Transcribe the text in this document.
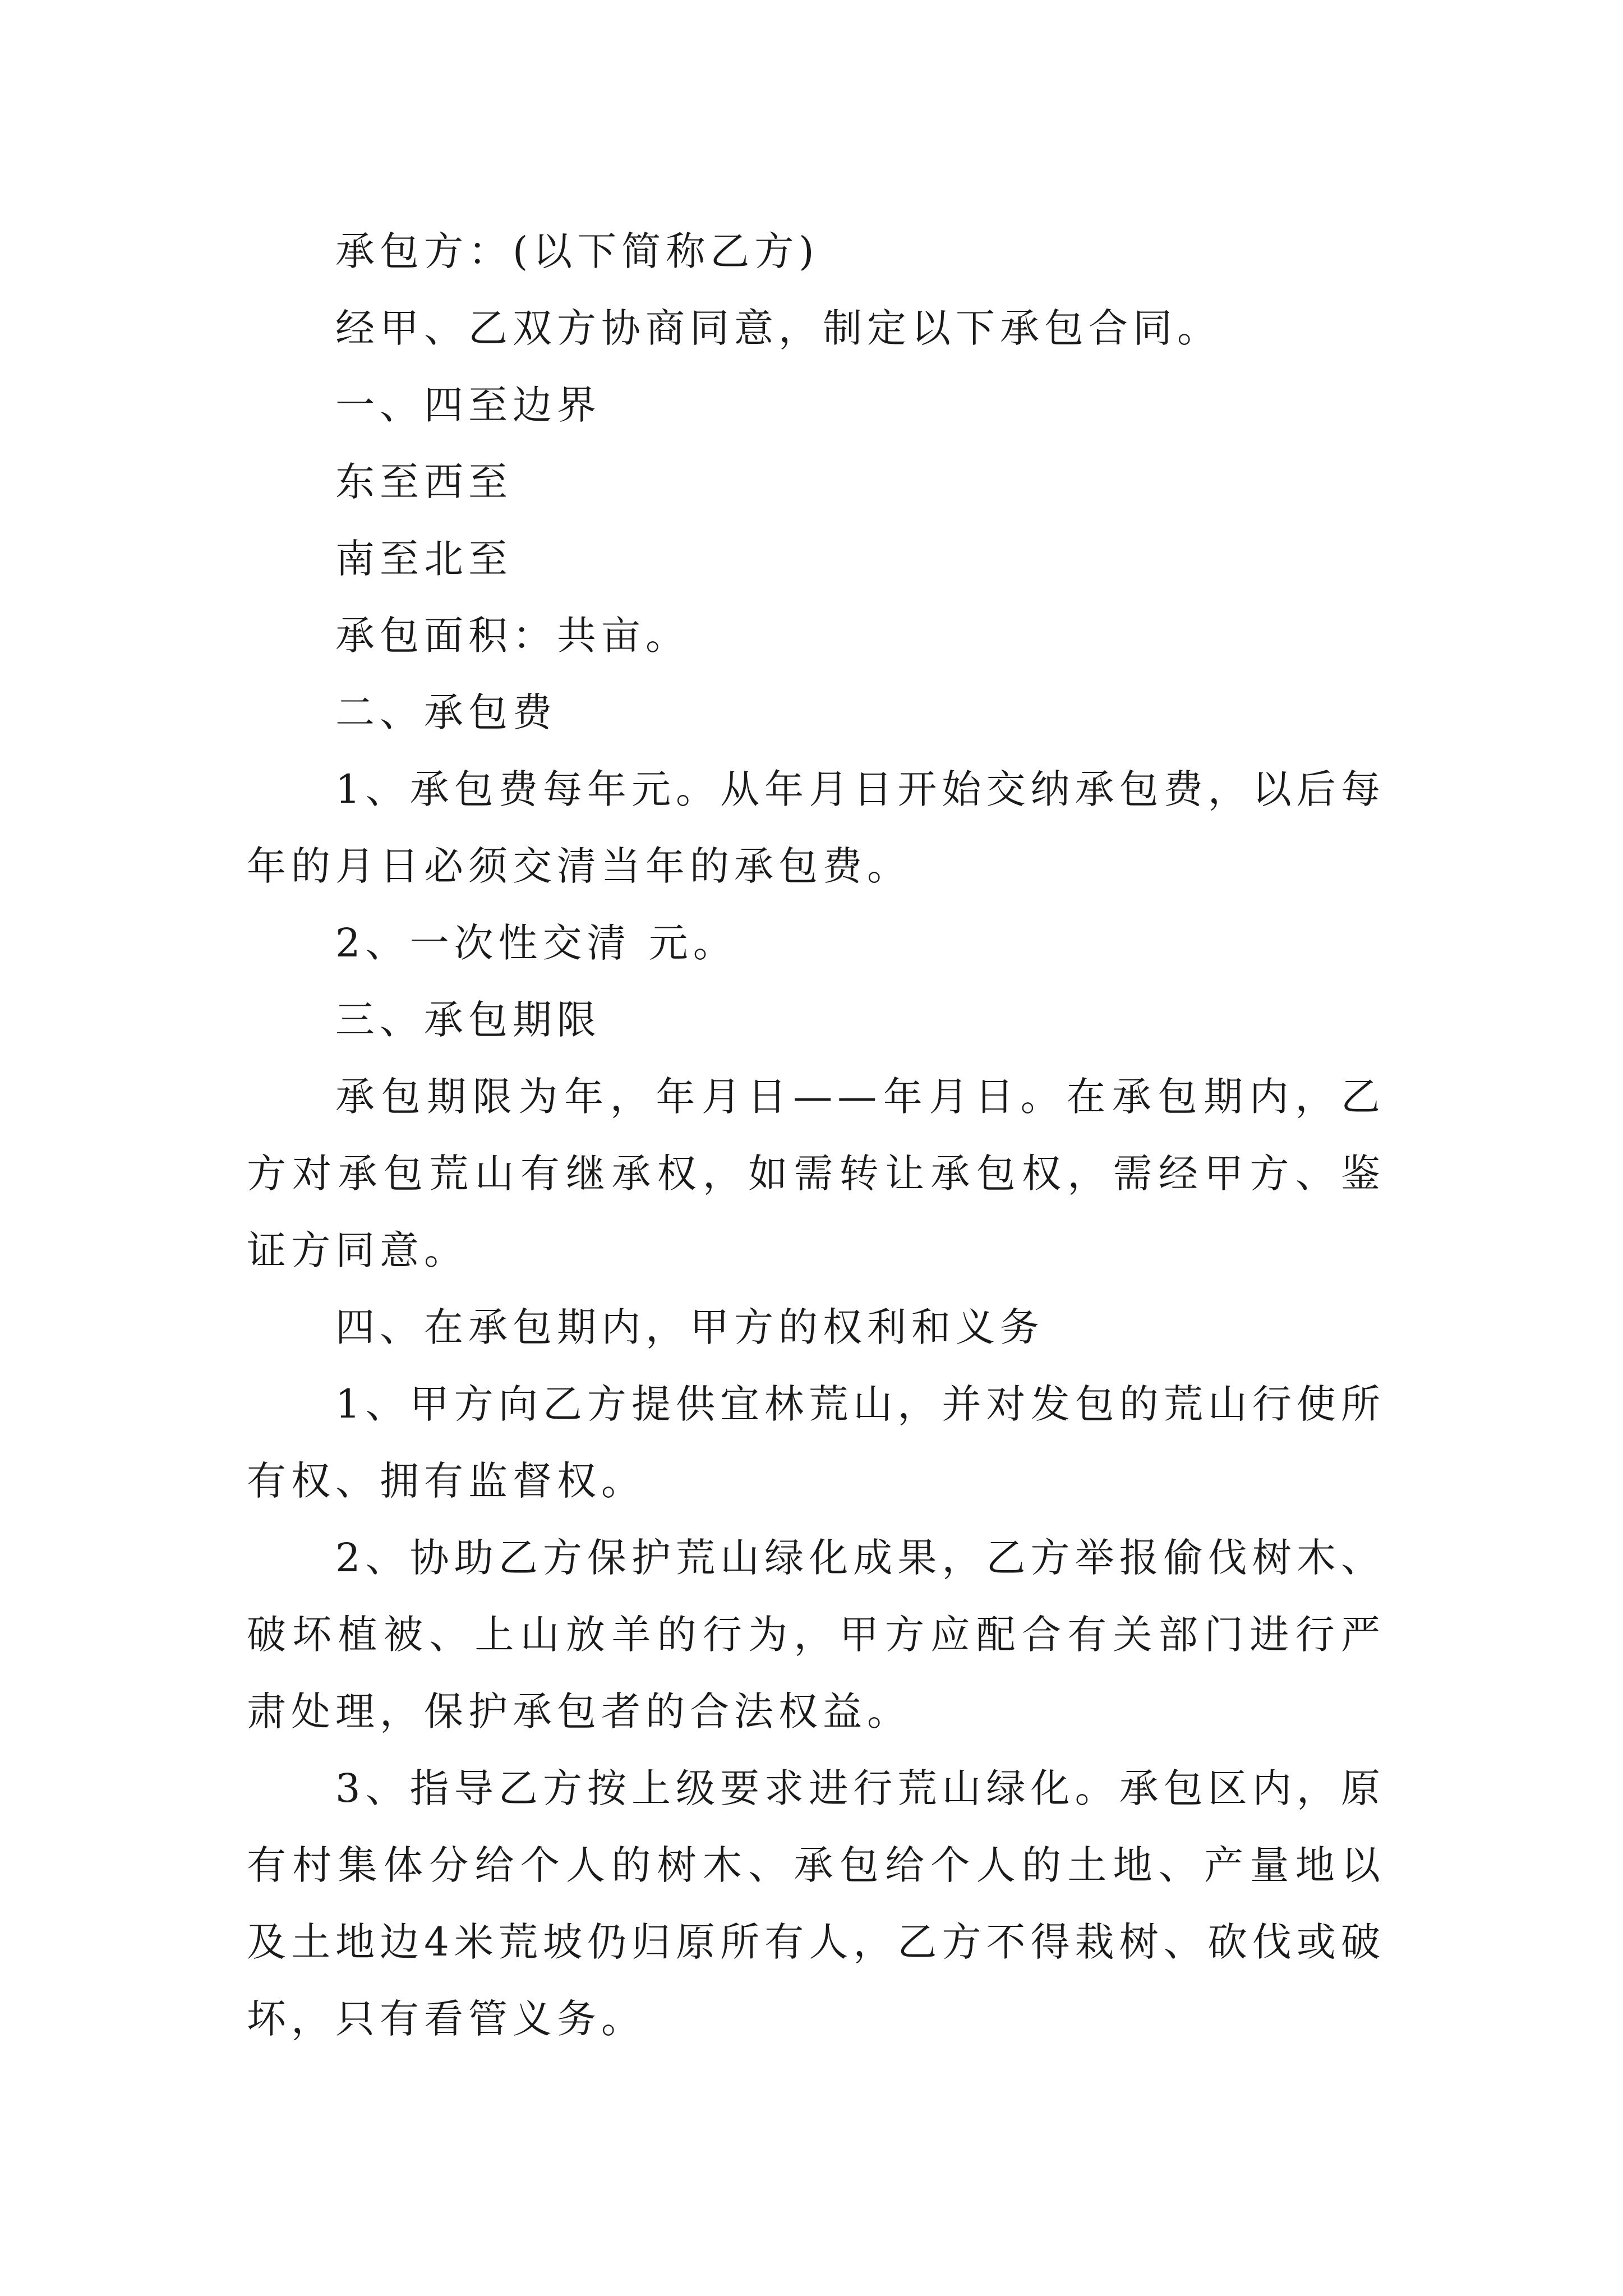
承包方：(以下简称乙方)

经甲、乙双方协商同意，制定以下承包合同。

一、四至边界

东至西至

南至北至

承包面积：共亩。

二、承包费

1、承包费每年元。从年月日开始交纳承包费，以后每年的月日必须交清当年的承包费。

2、一次性交清 元。

三、承包期限

承包期限为年，年月日——年月日。在承包期内，乙方对承包荒山有继承权，如需转让承包权，需经甲方、鉴证方同意。

四、在承包期内，甲方的权利和义务

1、甲方向乙方提供宜林荒山，并对发包的荒山行使所有权、拥有监督权。

2、协助乙方保护荒山绿化成果，乙方举报偷伐树木、破坏植被、上山放羊的行为，甲方应配合有关部门进行严肃处理，保护承包者的合法权益。

3、指导乙方按上级要求进行荒山绿化。承包区内，原有村集体分给个人的树木、承包给个人的土地、产量地以及土地边4米荒坡仍归原所有人，乙方不得栽树、砍伐或破坏，只有看管义务。
